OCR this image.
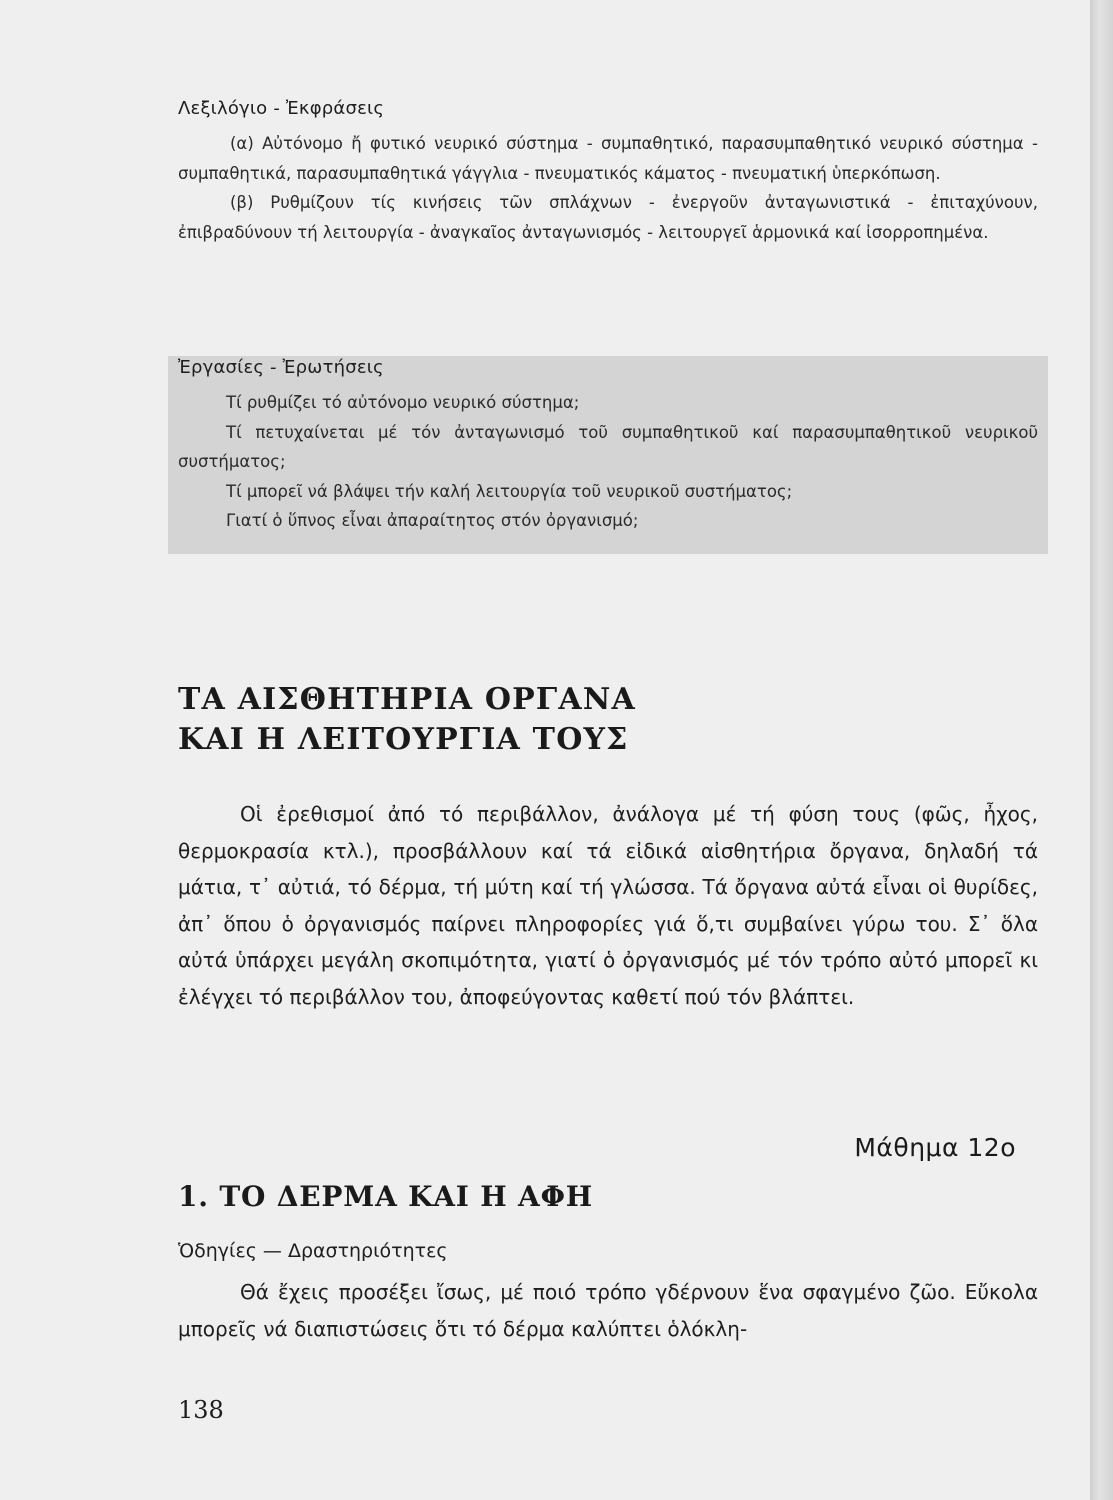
Λεξιλόγιο - Ἐκφράσεις

(α) Αὐτόνομο ἤ φυτικό νευρικό σύστημα - συμπαθητικό, παρασυμπαθητικό νευρικό σύστημα - συμπαθητικά, παρασυμπαθητικά γάγγλια - πνευματικός κάματος - πνευματική ὑπερκόπωση.

(β) Ρυθμίζουν τίς κινήσεις τῶν σπλάχνων - ἐνεργοῦν ἀνταγωνιστικά - ἐπιταχύνουν, ἐπιβραδύνουν τή λειτουργία - ἀναγκαῖος ἀνταγωνισμός - λειτουργεῖ ἁρμονικά καί ἰσορροπημένα.

Ἐργασίες - Ἐρωτήσεις
Τί ρυθμίζει τό αὐτόνομο νευρικό σύστημα;
Τί πετυχαίνεται μέ τόν ἀνταγωνισμό τοῦ συμπαθητικοῦ καί παρασυμπαθητικοῦ νευρικοῦ συστήματος;
Τί μπορεῖ νά βλάψει τήν καλή λειτουργία τοῦ νευρικοῦ συστήματος;
Γιατί ὁ ὕπνος εἶναι ἀπαραίτητος στόν ὀργανισμό;
ΤΑ ΑΙΣΘΗΤΗΡΙΑ ΟΡΓΑΝΑ
ΚΑΙ Η ΛΕΙΤΟΥΡΓΙΑ ΤΟΥΣ

Οἱ ἐρεθισμοί ἀπό τό περιβάλλον, ἀνάλογα μέ τή φύση τους (φῶς, ἦχος, θερμοκρασία κτλ.), προσβάλλουν καί τά εἰδικά αἰσθητήρια ὄργανα, δηλαδή τά μάτια, τ᾽ αὐτιά, τό δέρμα, τή μύτη καί τή γλώσσα. Τά ὄργανα αὐτά εἶναι οἱ θυρίδες, ἀπ᾽ ὅπου ὁ ὀργανισμός παίρνει πληροφορίες γιά ὅ,τι συμβαίνει γύρω του. Σ᾽ ὅλα αὐτά ὑπάρχει μεγάλη σκοπιμότητα, γιατί ὁ ὀργανισμός μέ τόν τρόπο αὐτό μπορεῖ κι ἐλέγχει τό περιβάλλον του, ἀποφεύγοντας καθετί πού τόν βλάπτει.

Μάθημα 12ο
1. ΤΟ ΔΕΡΜΑ ΚΑΙ Η ΑΦΗ
Ὁδηγίες — Δραστηριότητες

Θά ἔχεις προσέξει ἴσως, μέ ποιό τρόπο γδέρνουν ἕνα σφαγμένο ζῶο. Εὔκολα μπορεῖς νά διαπιστώσεις ὅτι τό δέρμα καλύπτει ὁλόκλη-

138
